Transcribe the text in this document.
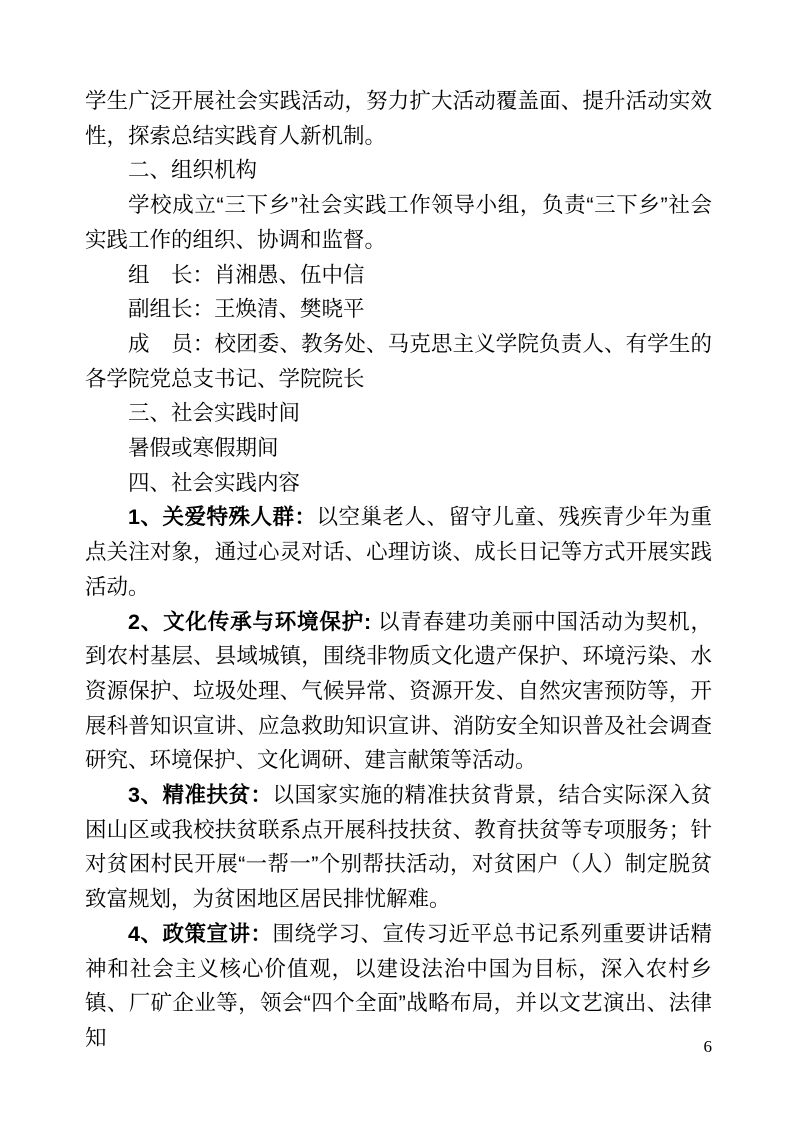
学生广泛开展社会实践活动，努力扩大活动覆盖面、提升活动实效性，探索总结实践育人新机制。

二、组织机构

学校成立“三下乡”社会实践工作领导小组，负责“三下乡”社会实践工作的组织、协调和监督。

组　长：肖湘愚、伍中信

副组长：王焕清、樊晓平

成　员：校团委、教务处、马克思主义学院负责人、有学生的各学院党总支书记、学院院长

三、社会实践时间

暑假或寒假期间

四、社会实践内容

1、关爱特殊人群：以空巢老人、留守儿童、残疾青少年为重点关注对象，通过心灵对话、心理访谈、成长日记等方式开展实践活动。

2、文化传承与环境保护: 以青春建功美丽中国活动为契机，到农村基层、县域城镇，围绕非物质文化遗产保护、环境污染、水资源保护、垃圾处理、气候异常、资源开发、自然灾害预防等，开展科普知识宣讲、应急救助知识宣讲、消防安全知识普及社会调查研究、环境保护、文化调研、建言献策等活动。

3、精准扶贫：以国家实施的精准扶贫背景，结合实际深入贫困山区或我校扶贫联系点开展科技扶贫、教育扶贫等专项服务；针对贫困村民开展“一帮一”个别帮扶活动，对贫困户（人）制定脱贫致富规划，为贫困地区居民排忧解难。

4、政策宣讲：围绕学习、宣传习近平总书记系列重要讲话精神和社会主义核心价值观，以建设法治中国为目标，深入农村乡镇、厂矿企业等，领会“四个全面”战略布局，并以文艺演出、法律知	6
